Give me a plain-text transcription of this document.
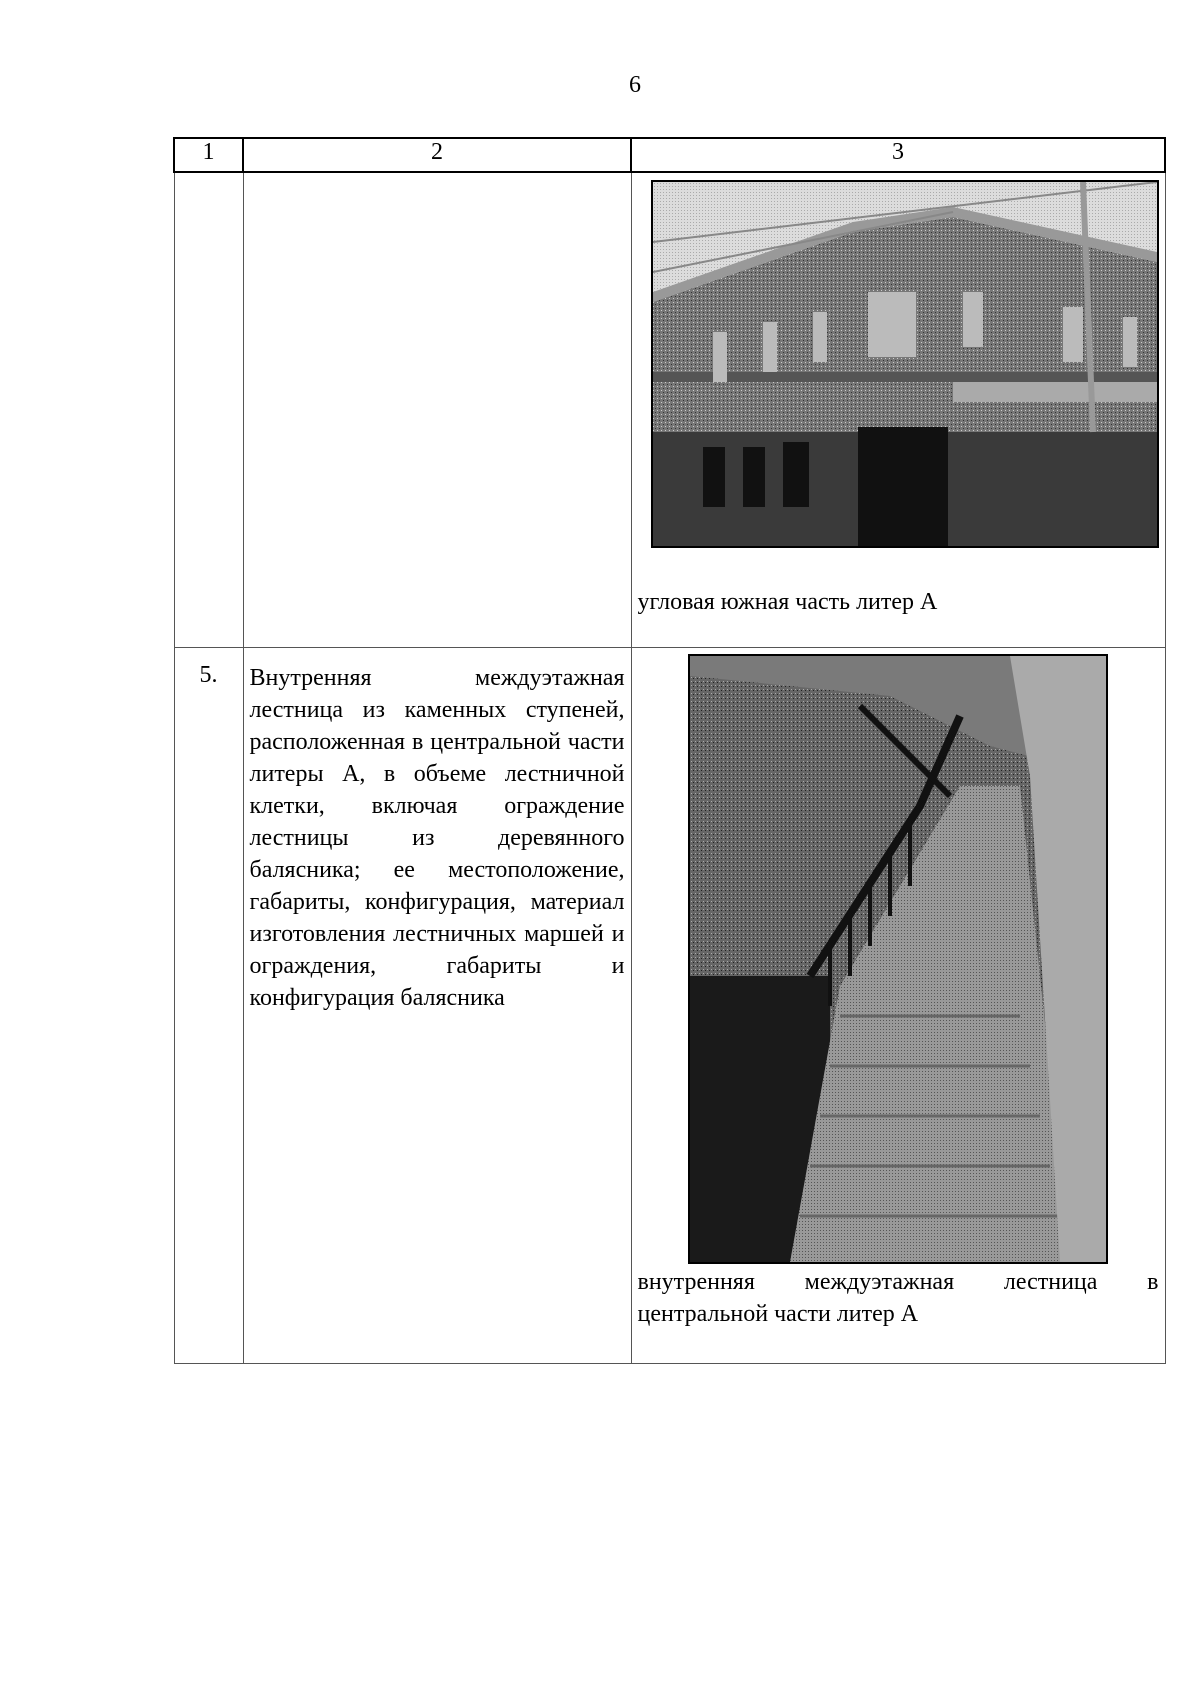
6
1	2	3

		угловая южная часть литер А

5.	Внутренняя междуэтажная лестница из каменных ступеней, расположенная в центральной части литеры А, в объеме лестничной клетки, включая ограждение лестницы из деревянного балясника; ее местоположение, габариты, конфигурация, материал изготовления лестничных маршей и ограждения, габариты и конфигурация балясника	внутренняя междуэтажная лестница в центральной части литер А
